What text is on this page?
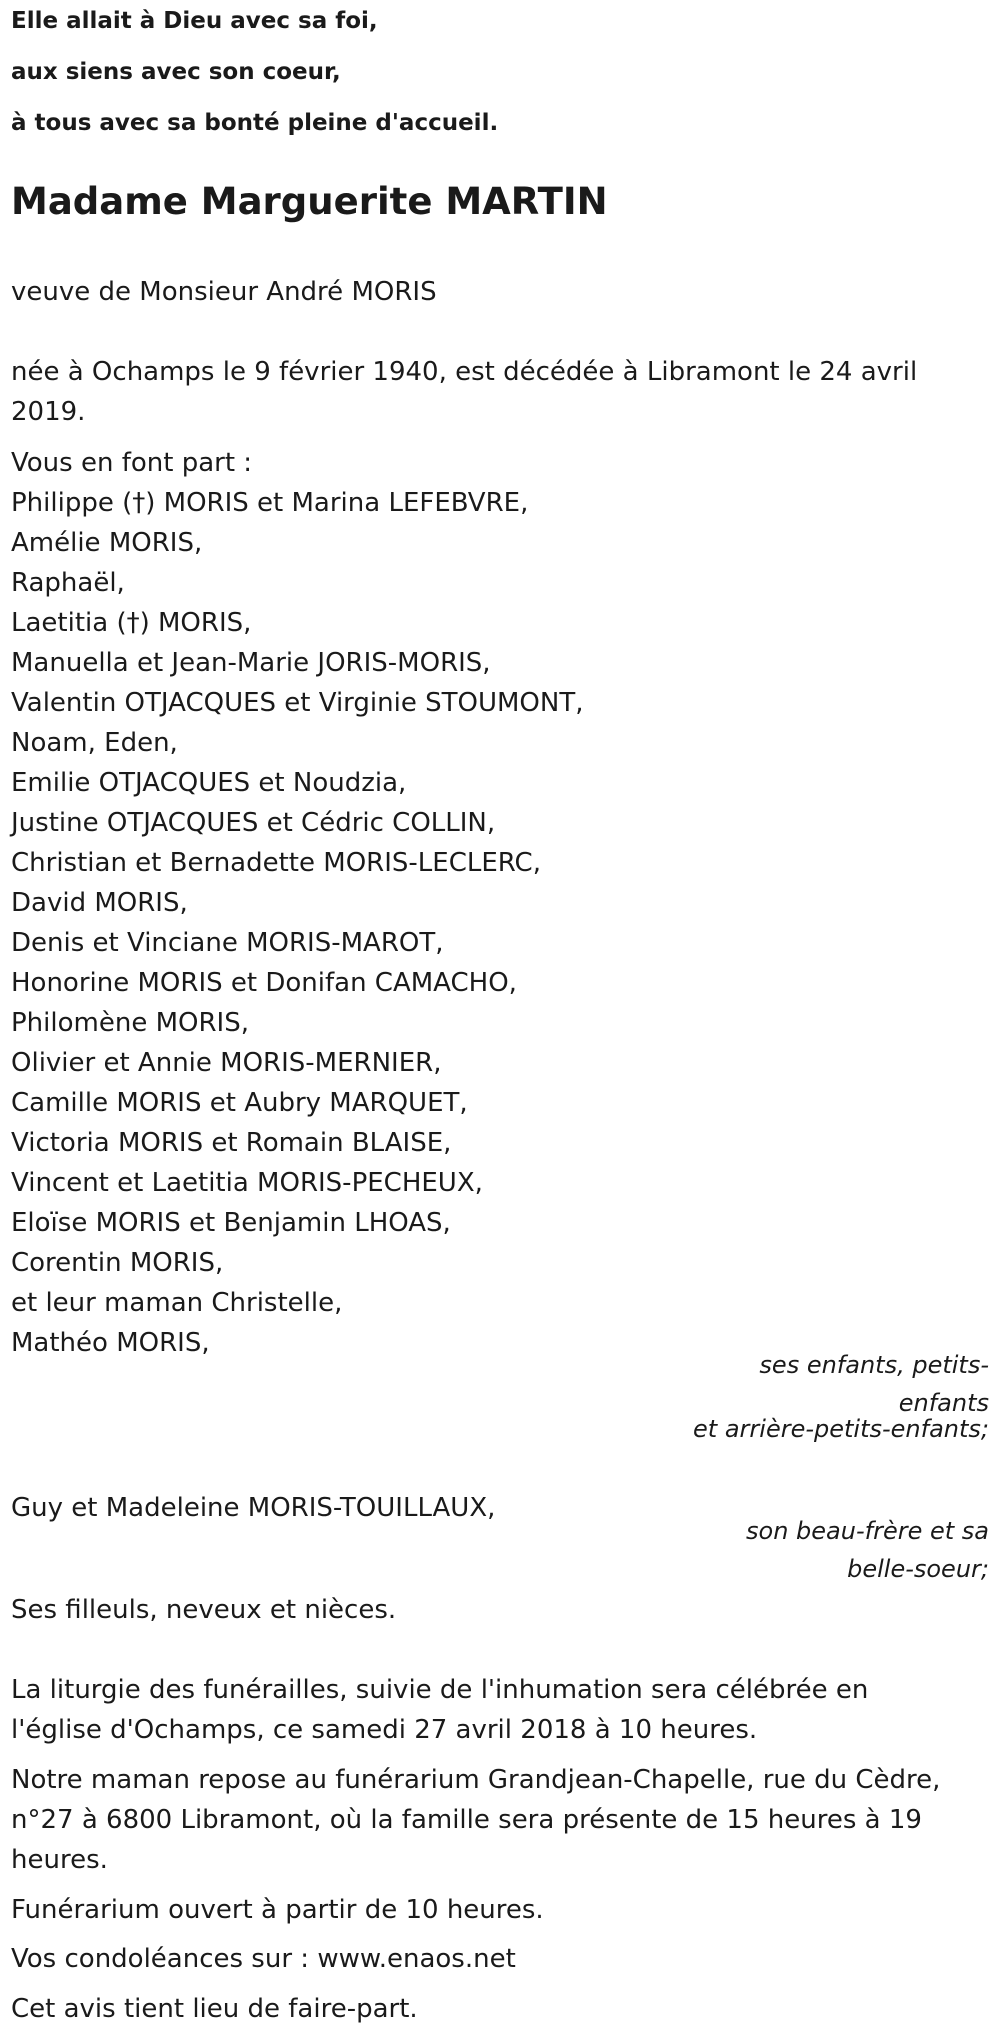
Elle allait à Dieu avec sa foi,

aux siens avec son coeur,

à tous avec sa bonté pleine d'accueil.

Madame Marguerite MARTIN

veuve de Monsieur André MORIS

née à Ochamps le 9 février 1940, est décédée à Libramont le 24 avril 2019.

Vous en font part :

Philippe (†) MORIS et Marina LEFEBVRE,
Amélie MORIS,
Raphaël,
Laetitia (†) MORIS,
Manuella et Jean-Marie JORIS-MORIS,
Valentin OTJACQUES et Virginie STOUMONT,
Noam, Eden,
Emilie OTJACQUES et Noudzia,
Justine OTJACQUES et Cédric COLLIN,
Christian et Bernadette MORIS-LECLERC,
David MORIS,
Denis et Vinciane MORIS-MAROT,
Honorine MORIS et Donifan CAMACHO,
Philomène MORIS,
Olivier et Annie MORIS-MERNIER,
Camille MORIS et Aubry MARQUET,
Victoria MORIS et Romain BLAISE,
Vincent et Laetitia MORIS-PECHEUX,
Eloïse MORIS et Benjamin LHOAS,
Corentin MORIS,
et leur maman Christelle,
Mathéo MORIS,

ses enfants, petits-enfants

et arrière-petits-enfants;

Guy et Madeleine MORIS-TOUILLAUX,

son beau-frère et sa belle-soeur;

Ses filleuls, neveux et nièces.

La liturgie des funérailles, suivie de l'inhumation sera célébrée en l'église d'Ochamps, ce samedi 27 avril 2018 à 10 heures.

Notre maman repose au funérarium Grandjean-Chapelle, rue du Cèdre, n°27 à 6800 Libramont, où la famille sera présente de 15 heures à 19 heures.

Funérarium ouvert à partir de 10 heures.

Vos condoléances sur : www.enaos.net

Cet avis tient lieu de faire-part.
